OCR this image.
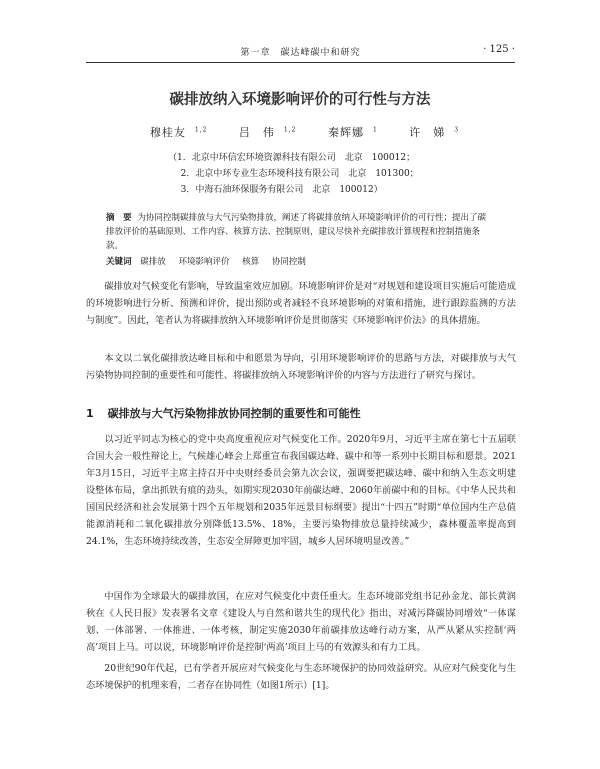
第一章　碳达峰碳中和研究	· 125 ·
碳排放纳入环境影响评价的可行性与方法
穆桂友 $^{1,2}$	吕　伟 $^{1,2}$	秦辉娜 $^1$	许　娣 $^3$
（1．北京中环信宏环境资源科技有限公司　北京　100012；
2．北京中环专业生态环境科技有限公司　北京　101300；
3．中海石油环保服务有限公司　北京　100012）
摘　要 为协同控制碳排放与大气污染物排放，阐述了将碳排放纳入环境影响评价的可行性；提出了碳排放评价的基础原则、工作内容、核算方法、控制原则，建议尽快补充碳排放计算规程和控制措施条款。
关键词 碳排放 环境影响评价 核算 协同控制
碳排放对气候变化有影响，导致温室效应加剧。环境影响评价是对“对规划和建设项目实施后可能造成的环境影响进行分析、预测和评价，提出预防或者减轻不良环境影响的对策和措施，进行跟踪监测的方法与制度”。因此，笔者认为将碳排放纳入环境影响评价是贯彻落实《环境影响评价法》的具体措施。
本文以二氧化碳排放达峰目标和中和愿景为导向，引用环境影响评价的思路与方法，对碳排放与大气污染物协同控制的重要性和可能性、将碳排放纳入环境影响评价的内容与方法进行了研究与探讨。
1 碳排放与大气污染物排放协同控制的重要性和可能性
以习近平同志为核心的党中央高度重视应对气候变化工作。2020年9月，习近平主席在第七十五届联合国大会一般性辩论上，气候雄心峰会上郑重宣布我国碳达峰、碳中和等一系列中长期目标和愿景。2021年3月15日，习近平主席主持召开中央财经委员会第九次会议，强调要把碳达峰、碳中和纳入生态文明建设整体布局，拿出抓铁有痕的劲头，如期实现2030年前碳达峰、2060年前碳中和的目标。《中华人民共和国国民经济和社会发展第十四个五年规划和2035年远景目标纲要》提出“十四五”时期“单位国内生产总值能源消耗和二氧化碳排放分别降低13.5%、18%，主要污染物排放总量持续减少，森林覆盖率提高到24.1%，生态环境持续改善，生态安全屏障更加牢固，城乡人居环境明显改善。”
中国作为全球最大的碳排放国，在应对气候变化中责任重大。生态环境部党组书记孙金龙、部长黄润秋在《人民日报》发表署名文章《建设人与自然和谐共生的现代化》指出，对减污降碳协同增效“一体谋划、一体部署、一体推进、一体考核，制定实施2030年前碳排放达峰行动方案，从严从紧从实控制‘两高’项目上马。可以说，环境影响评价是控制‘两高’项目上马的有效源头和有力工具。
20世纪90年代起，已有学者开展应对气候变化与生态环境保护的协同效益研究。从应对气候变化与生态环境保护的机理来看，二者存在协同性（如图1所示）[1]。
